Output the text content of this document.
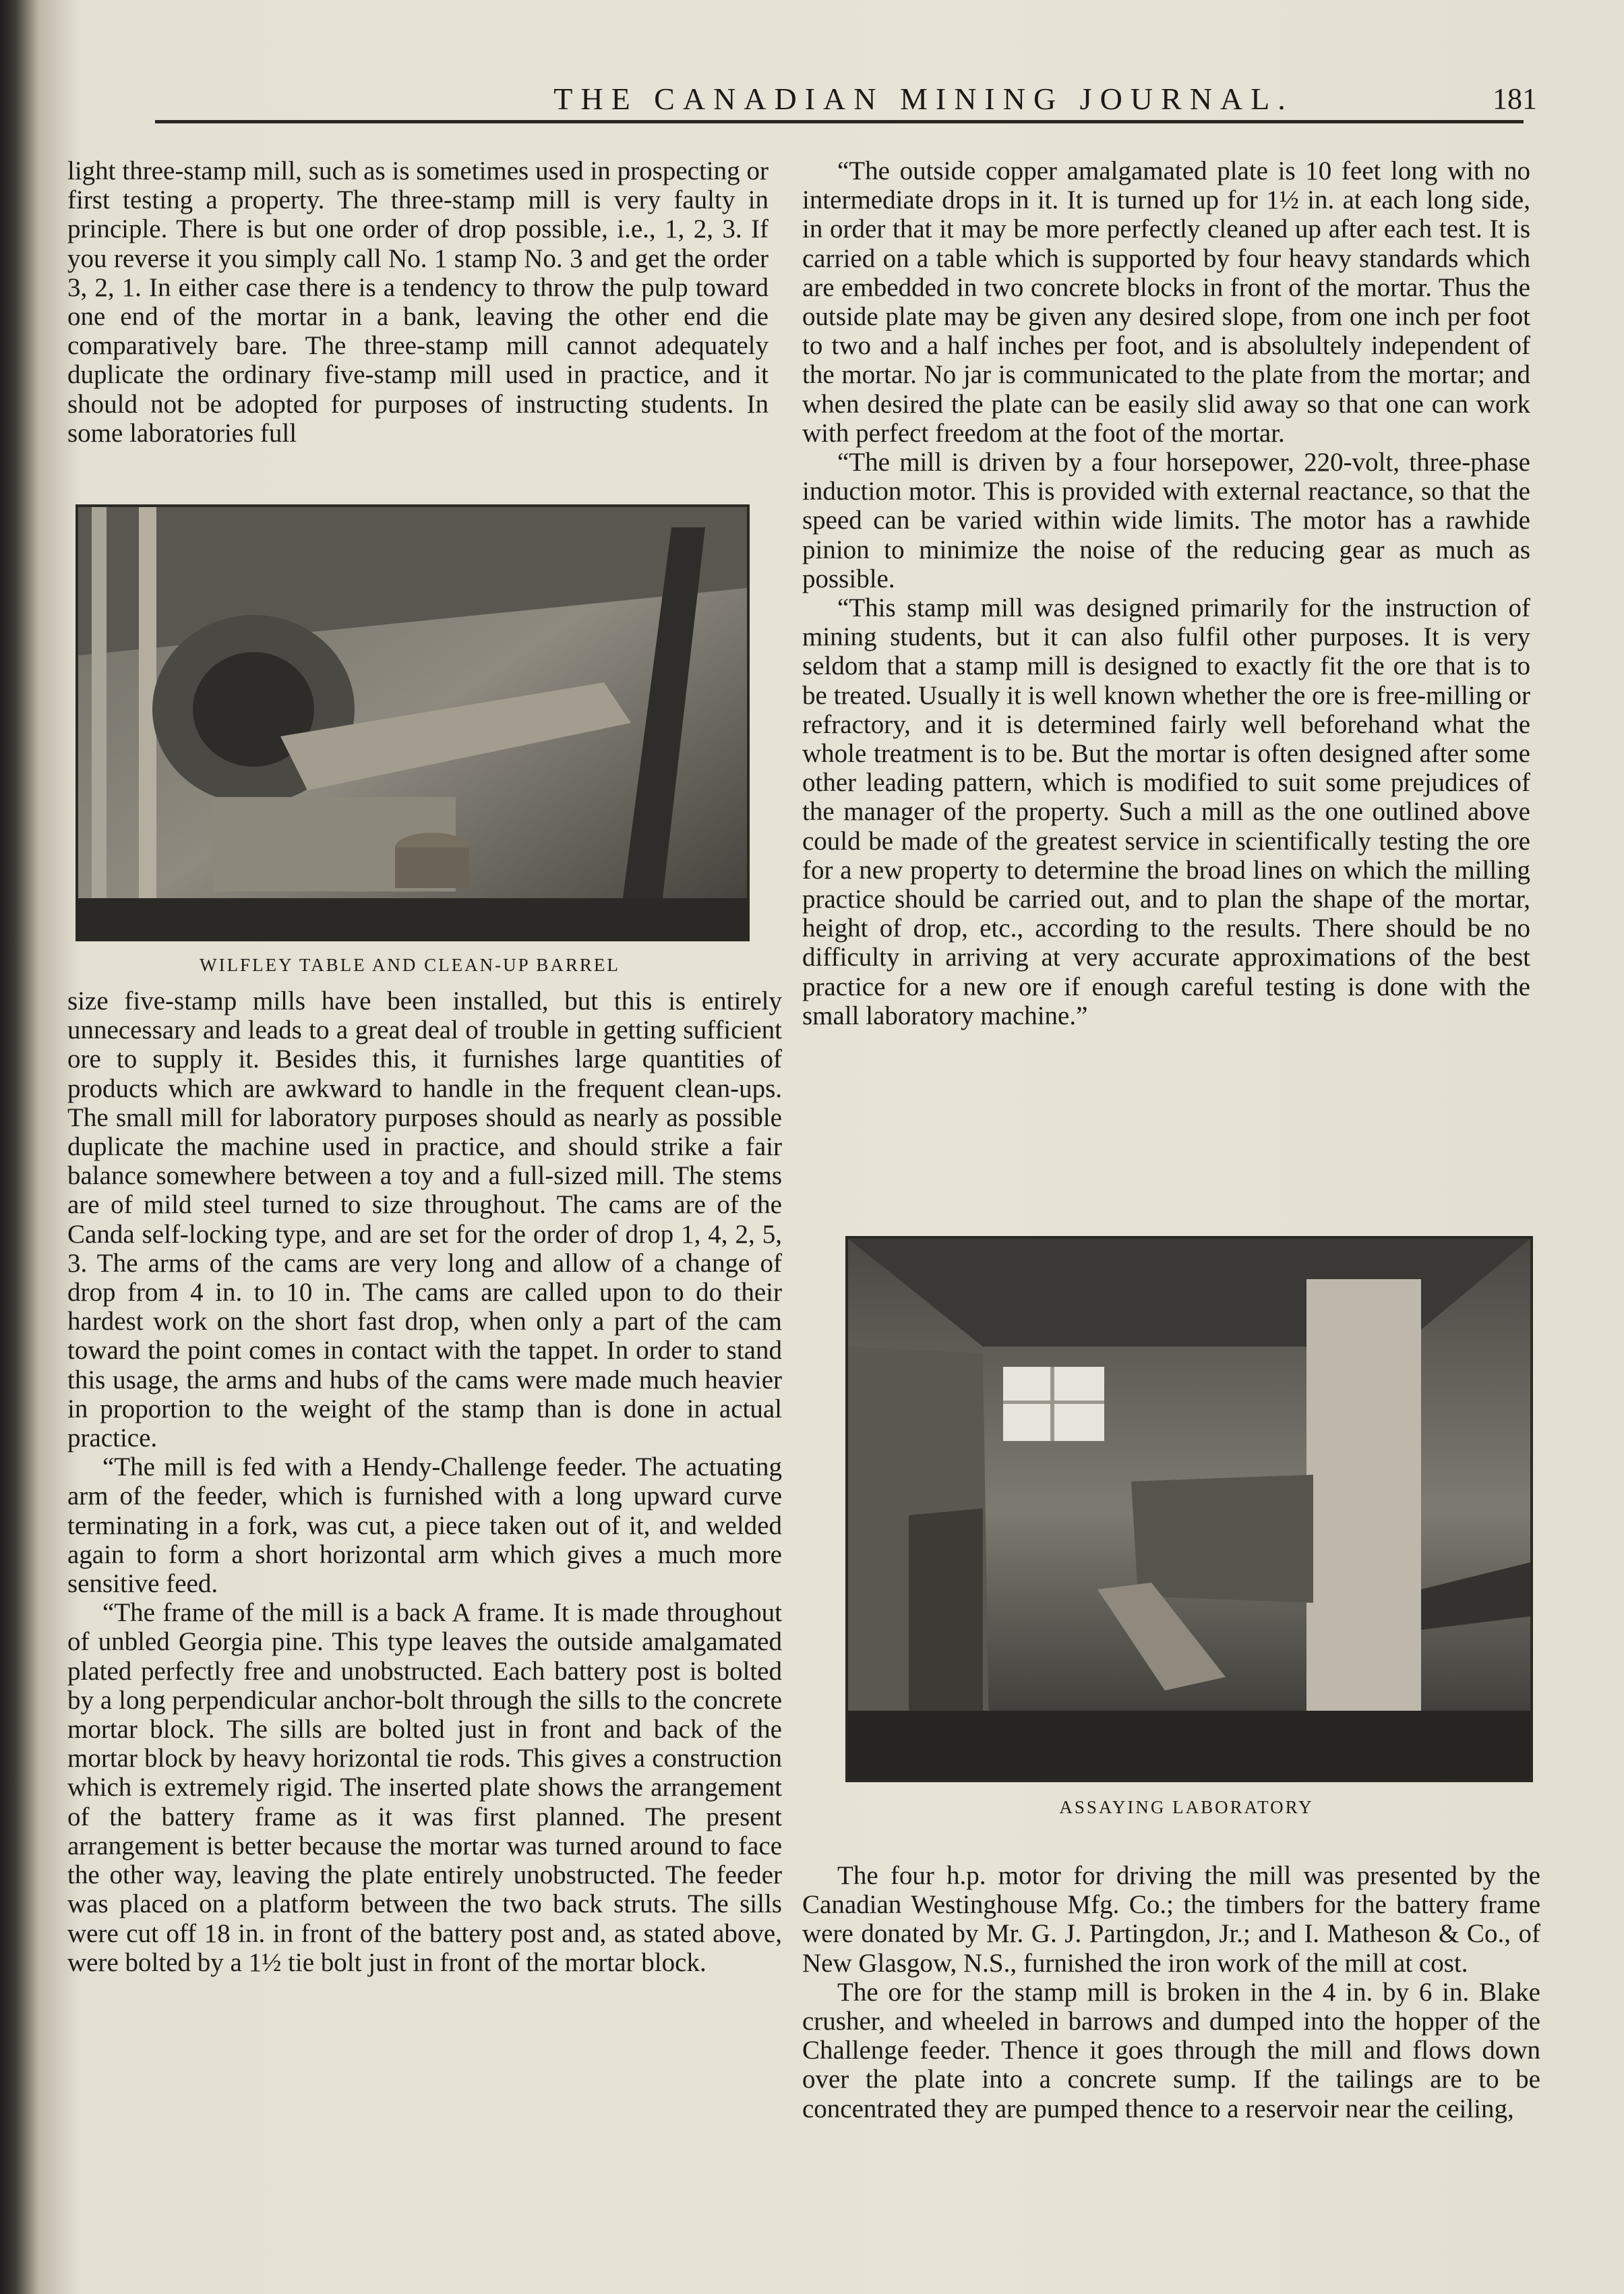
THE CANADIAN MINING JOURNAL.	181

light three-stamp mill, such as is sometimes used in prospecting or first testing a property. The three-stamp mill is very faulty in principle. There is but one order of drop possible, i.e., 1, 2, 3. If you reverse it you simply call No. 1 stamp No. 3 and get the order 3, 2, 1. In either case there is a tendency to throw the pulp toward one end of the mortar in a bank, leaving the other end die comparatively bare. The three-stamp mill cannot adequately duplicate the ordinary five-stamp mill used in practice, and it should not be adopted for purposes of instructing students. In some laboratories full

WILFLEY TABLE AND CLEAN-UP BARREL

size five-stamp mills have been installed, but this is entirely unnecessary and leads to a great deal of trouble in getting sufficient ore to supply it. Besides this, it furnishes large quantities of products which are awkward to handle in the frequent clean-ups. The small mill for laboratory purposes should as nearly as possible duplicate the machine used in practice, and should strike a fair balance somewhere between a toy and a full-sized mill. The stems are of mild steel turned to size throughout. The cams are of the Canda self-locking type, and are set for the order of drop 1, 4, 2, 5, 3. The arms of the cams are very long and allow of a change of drop from 4 in. to 10 in. The cams are called upon to do their hardest work on the short fast drop, when only a part of the cam toward the point comes in contact with the tappet. In order to stand this usage, the arms and hubs of the cams were made much heavier in proportion to the weight of the stamp than is done in actual practice.

“The mill is fed with a Hendy-Challenge feeder. The actuating arm of the feeder, which is furnished with a long upward curve terminating in a fork, was cut, a piece taken out of it, and welded again to form a short horizontal arm which gives a much more sensitive feed.

“The frame of the mill is a back A frame. It is made throughout of unbled Georgia pine. This type leaves the outside amalgamated plated perfectly free and unobstructed. Each battery post is bolted by a long perpendicular anchor-bolt through the sills to the concrete mortar block. The sills are bolted just in front and back of the mortar block by heavy horizontal tie rods. This gives a construction which is extremely rigid. The inserted plate shows the arrangement of the battery frame as it was first planned. The present arrangement is better because the mortar was turned around to face the other way, leaving the plate entirely unobstructed. The feeder was placed on a platform between the two back struts. The sills were cut off 18 in. in front of the battery post and, as stated above, were bolted by a 1½ tie bolt just in front of the mortar block.

“The outside copper amalgamated plate is 10 feet long with no intermediate drops in it. It is turned up for 1½ in. at each long side, in order that it may be more perfectly cleaned up after each test. It is carried on a table which is supported by four heavy standards which are embedded in two concrete blocks in front of the mortar. Thus the outside plate may be given any desired slope, from one inch per foot to two and a half inches per foot, and is absolultely independent of the mortar. No jar is communicated to the plate from the mortar; and when desired the plate can be easily slid away so that one can work with perfect freedom at the foot of the mortar.

“The mill is driven by a four horsepower, 220-volt, three-phase induction motor. This is provided with external reactance, so that the speed can be varied within wide limits. The motor has a rawhide pinion to minimize the noise of the reducing gear as much as possible.

“This stamp mill was designed primarily for the instruction of mining students, but it can also fulfil other purposes. It is very seldom that a stamp mill is designed to exactly fit the ore that is to be treated. Usually it is well known whether the ore is free-milling or refractory, and it is determined fairly well beforehand what the whole treatment is to be. But the mortar is often designed after some other leading pattern, which is modified to suit some prejudices of the manager of the property. Such a mill as the one outlined above could be made of the greatest service in scientifically testing the ore for a new property to determine the broad lines on which the milling practice should be carried out, and to plan the shape of the mortar, height of drop, etc., according to the results. There should be no difficulty in arriving at very accurate approximations of the best practice for a new ore if enough careful testing is done with the small laboratory machine.”

ASSAYING LABORATORY

The four h.p. motor for driving the mill was presented by the Canadian Westinghouse Mfg. Co.; the timbers for the battery frame were donated by Mr. G. J. Partingdon, Jr.; and I. Matheson & Co., of New Glasgow, N.S., furnished the iron work of the mill at cost.

The ore for the stamp mill is broken in the 4 in. by 6 in. Blake crusher, and wheeled in barrows and dumped into the hopper of the Challenge feeder. Thence it goes through the mill and flows down over the plate into a concrete sump. If the tailings are to be concentrated they are pumped thence to a reservoir near the ceiling,
